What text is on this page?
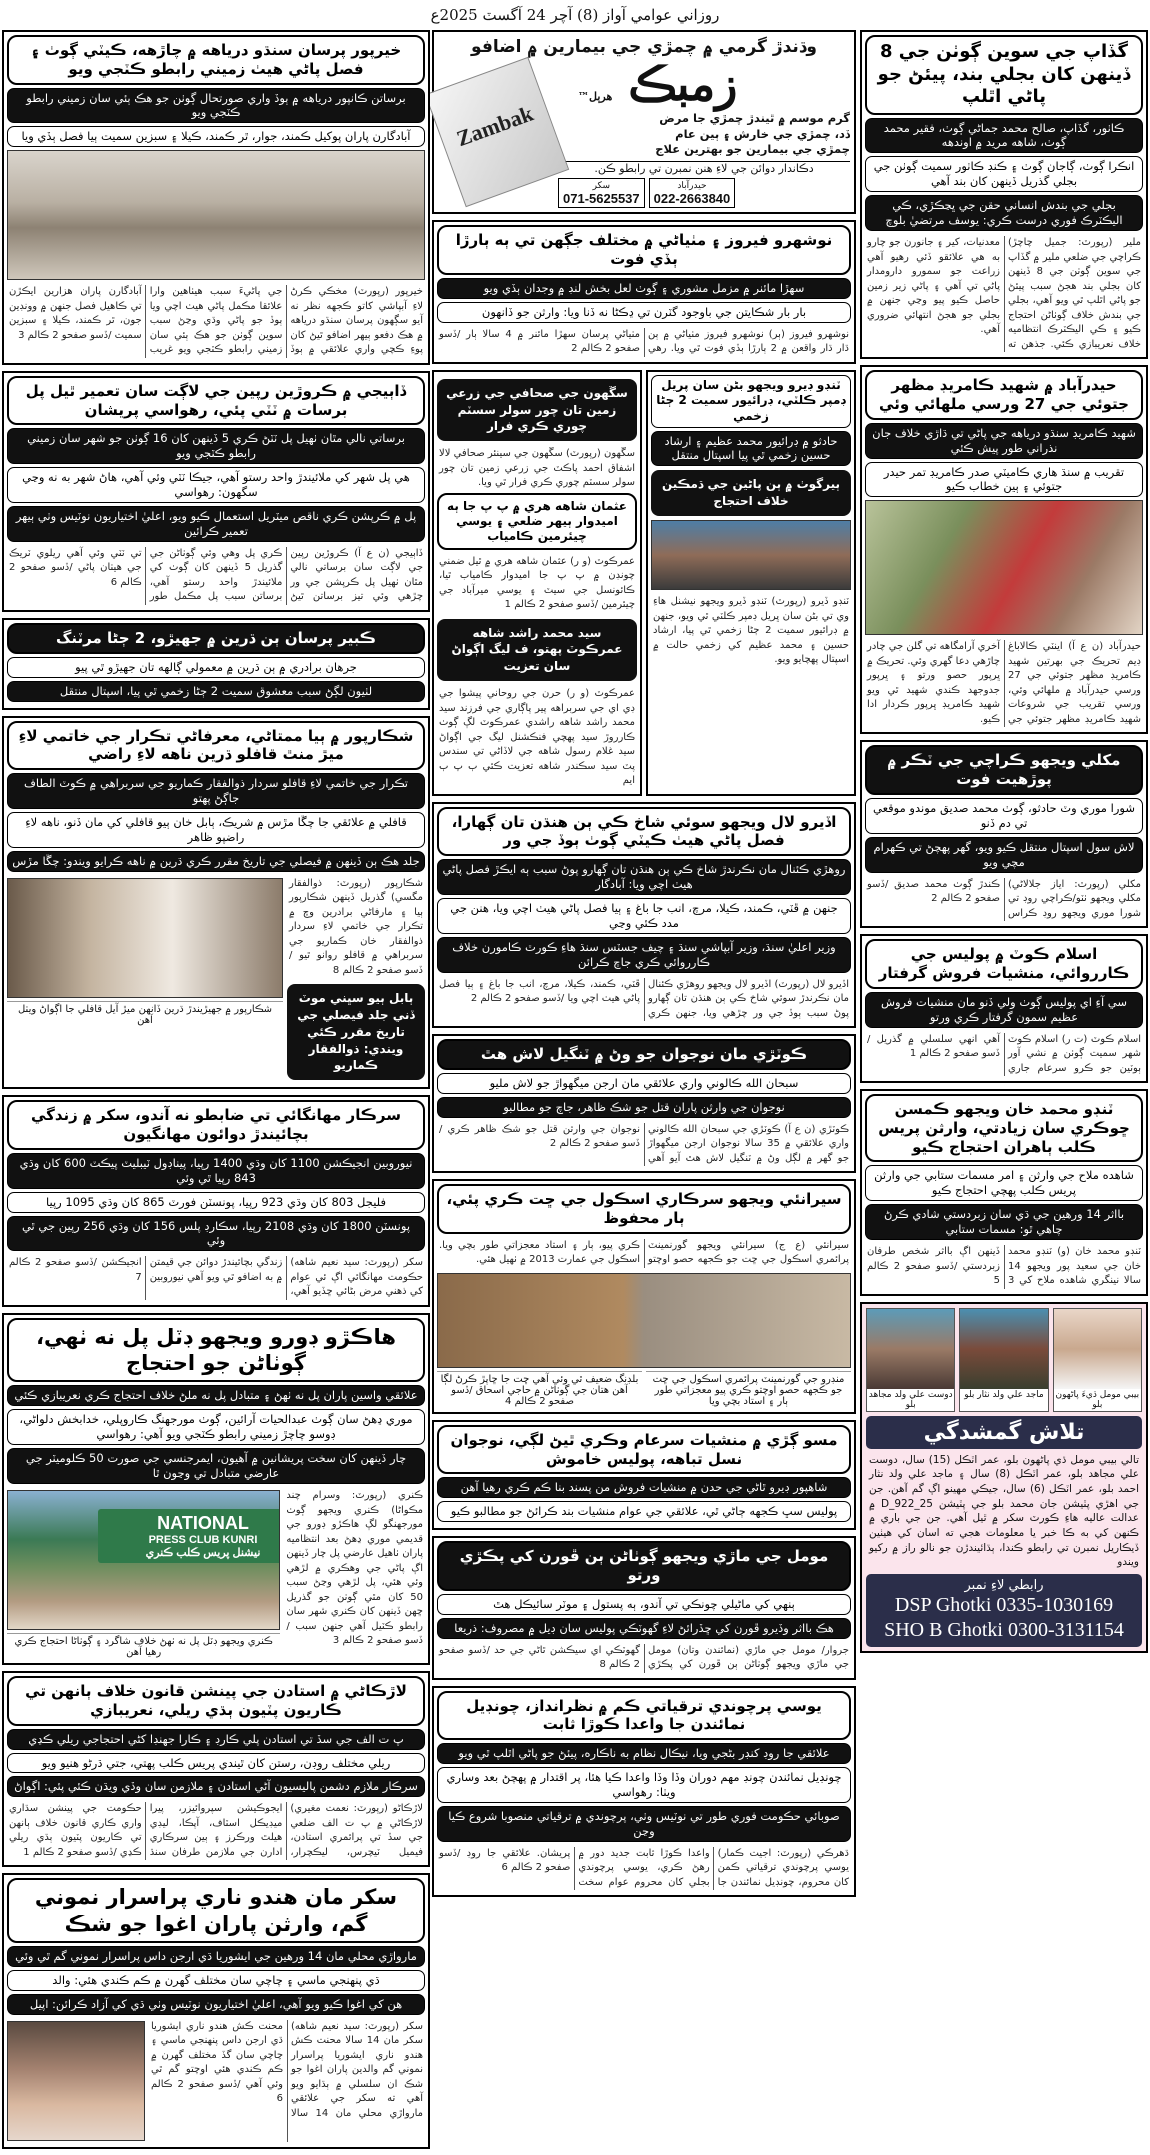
روزاني عوامي آواز (8) آچر 24 آگسٽ 2025ع
گڏاپ جي سوين ڳوٺن جي 8 ڏينهن کان بجلي بند، پيئڻ جو پاڻي اٿلپ
ڪاٺور، گڏاپ، صالح محمد جماڻي ڳوٺ، فقير محمد ڳوٺ، شاهه مريد ۾ اوندهه
انڪرا ڳوٺ، ڳاجان ڳوٺ ۽ ڪنڊ ڪاٺور سميت ڳوٺن جي بجلي گذريل ڏينهن کان بند آهي
بجلي جي بندش انساني حقن جي ڀڃڪڙي، ڪي اليڪٽرڪ فوري درست ڪري: يوسف مرتضيٰ بلوچ
ملير (رپورٽ: جميل چاچڙ) ڪراچي جي ضلعي ملير ۾ گڏاپ جي سوين ڳوٺن جي 8 ڏينهن کان بجلي بند هجڻ سبب پيئڻ جو پاڻي اٿلپ ٿي ويو آهي، بجلي جي بندش خلاف ڳوٺاڻن احتجاج ڪيو ۽ ڪي اليڪٽرڪ انتظاميه خلاف نعريبازي ڪئي. جذهن ته معدنيات، کير ۽ جانورن جو چارو به هي علائقو ڏئي رهيو آهي زراعت جو سمورو دارومدار پاڻي تي آهي ۽ پاڻي زير زمين حاصل ڪيو پيو وڃي جنهن ۾ بجلي جو هجڻ انتهائي ضروري آهي.
حيدرآباد ۾ شهيد ڪامريڊ مظهر جتوئي جي 27 ورسي ملهائي وئي
شهيد ڪامريڊ سنڌو درياهه جي پاڻي تي ڌاڙي خلاف جان نذراني طور پيش ڪئي
تقريب ۾ سنڌ هاري ڪاميٽي صدر ڪامريڊ تمر حيدر جتوئي ۽ ٻين خطاب ڪيو
حيدرآباد (ن ع آ) اينٽي ڪالاباغ ڊيم تحريڪ جي بهرتين شهيد ڪامريڊ مظهر جتوئي جي 27 ورسي حيدرآباد ۾ ملهائي وئي، ورسي تقريب جي شروعات شهيد ڪامريڊ مظهر جتوئي جي آخري آرامگاهه تي گلن جي چادر چاڙهي دعا گهري وئي. تحريڪ ۾ ڀرپور حصو ورتو ۽ ڀرپور جدوجهد ڪندي شهيد ٿي ويو شهيد ڪامريڊ ڀرپور ڪردار ادا ڪيو.
مکلي ويجهو ڪراچي جي ٽڪر ۾ پوڙهيت فوت
شورا موري وٽ حادثو، ڳوٺ محمد صديق موندو موقعي تي دم ڏنو
لاش سول اسپتال منتقل ڪيو ويو، گهر پهچڻ تي ڪهرام مچي ويو
مکلي (رپورٽ: اياز جلالاڻي) مکلي ويجهو ٺٽو/ڪراچي روڊ تي شورا موري ويجهو روڊ ڪراس ڪندڙ ڳوٺ محمد صديق /ڏسو صفحو 2 ڪالم 2
اسلام ڪوٽ ۾ پوليس جي ڪارروائي، منشيات فروش گرفتار
سي آءِ اي پوليس ڳوٺ ولي ڏنو مان منشيات فروش عظيم سمون گرفتار ڪري ورتو
اسلام ڪوٽ (ت ر) اسلام ڪوٽ شهر سميت ڳوٺن ۾ نشي آور ٻوٽين جو ڪرو سرعام جاري آهي انهي سلسلي ۾ گذريل /ڏسو صفحو 2 ڪالم 1
ٽنڊو محمد خان ويجهو ڪمسن ڇوڪري سان زيادتي، وارثن پريس ڪلب ٻاهران احتجاج ڪيو
شاهده ملاح جي وارثن ۽ امر مسمات ستابي جي وارثن پريس ڪلب پهچي احتجاج ڪيو
بااثر 14 ورهين جي ڌي سان زبردستي شادي ڪرڻ چاهي ٿو: مسمات ستابي
ٽنڊو محمد خان (و) ٽنڊو محمد خان جي سعيد پور ويجهو 14 سالا نينگري شاهده ملاح کي 3 ڏينهن اڳ بااثر شخص طرفان زبردستي /ڏسو صفحو 2 ڪالم 5
بيبي مومل ڌيءَ پاڻهون بلو
ماجد علي ولد نثار بلو
دوست علي ولد مجاهد بلو
تلاش گمشدگي
تالي بيبي مومل ڌي پاڻهون بلو، عمر اٽڪل (15) سال، دوست علي مجاهد بلو، عمر اٽڪل (8) سال ۽ ماجد علي ولد نثار احمد بلو، عمر اٽڪل (6) سال، جيڪي مهينو اڳ گم آهن. جن جي اهڙي پٽيشن جان محمد بلو جي پٽيشن 25_922_D ۾ عدالت عاليه هاءِ ڪورٽ سکر ۾ ٿيل آهي. جن جي باري ۾ ڪنهن کي به ڪا خبر يا معلومات هجي ته اسان کي هيٺين ڏيڪاريل نمبرن تي رابطو ڪندا، ٻڌائيندڙن جو نالو راز ۾ رکيو ويندو
رابطي لاءِ نمبر
DSP Ghotki 0335-1030169
SHO B Ghotki 0300-3131154
وڌندڙ گرمي ۾ چمڙي جي بيمارين ۾ اضافو
زمبڪ هرٻل™
Zambak	گرم موسم ۾ ٿيندڙ چمڙي جا مرض
ڏد، چمڙي جي خارش ۽ ٻين عام
چمڙي جي بيمارين جو بهترين علاج
دڪاندار دوائن جي لاءِ هنن نمبرن تي رابطو ڪن.
سکر
071-5625537
حيدرآباد
022-2663840
نوشهرو فيروز ۽ مٺياڻي ۾ مختلف جڳهن تي ٻه ٻارڙا ٻڏي فوت
سهڙا مائنر ۾ مزمل مشوري ۽ ڳوٺ لعل بخش لنڊ ۾ وجدان ٻڏي ويو
بار بار شڪايتن جي باوجود گٽرن تي ڍڪڻا نه ڏنا ويا: وارثن جو ڏانهون
نوشهرو فيروز (ٻر) نوشهرو فيروز مٺياڻي ۾ ٻن ڌار ڌار واقعن ۾ 2 ٻارڙا ٻڏي فوت ٿي ويا. رهي مٺياڻي پرسان سهڙا مائنر ۾ 4 سالا ٻار /ڏسو صفحو 2 ڪالم 2
ٽنڊو ڊيرو ويجهو بڻن سان پريل ڊمپر ڪلٽي، ڊرائيور سميت 2 ڄڻا زخمي
حادثو ۾ ڊرائيور محمد عظيم ۽ ارشاد حسين زخمي ٿي پيا اسپتال منتقل
ٻيرگوٺ ۾ ٻن پاڻين جي ڌمڪين خلاف احتجاج
ٽنڊو ڏيرو (رپورٽ) ٽنڊو ڏيرو ويجهو نيشنل هاءِ وي تي بڻن سان ڀريل ڊمپر ڪلٽي ٿي ويو، جنهن ۾ ڊرائيور سميت 2 ڄڻا زخمي ٿي پيا، ارشاد حسين ۽ محمد عظيم کي زخمي حالت ۾ اسپتال پهچايو ويو.
سڱهون جي صحافي جي زرعي زمين تان چور سولر سسٽم چوري ڪري فرار
سڱهون (رپورٽ) سڱهون جي سينئر صحافي لالا اشفاق احمد پاڪٽ جي زرعي زمين تان چور سولر سسٽم چوري ڪري فرار ٿي ويا.
عثمان شاهه هري ۾ پ پ جا ٻه اميدوار ٻيهر ضلعي ۽ يوسي چيئرمين ڪامياب
عمرڪوٽ (و ر) عثمان شاهه هري ۾ ٿيل ضمني چونڊن ۾ پ پ جا اميدوار ڪامياب ٿيا، ڪائونسل جي سيٽ ۽ يوسي ميرآباد جي چيئرمين /ڏسو صفحو 2 ڪالم 1
سيد محمد راشد شاهه عمرڪوٽ پهتو، ف ليگ اڳواڻ سان تعزيت
عمرڪوٽ (و ر) حرن جي روحاني پيشوا جي ڊي اي جي سربراهه پير پاڳاري جي فرزند سيد محمد راشد شاهه راشدي عمرڪوٽ لڳ ڳوٺ ڪارروڙ سيد پهچي فنڪشنل ليگ جي اڳواڻ سيد غلام رسول شاهه جي لاڏاڻي تي سندس پٽ سيد سڪندر شاهه تعزيت ڪئي ٻ پ ٻ ايم
اڏيرو لال ويجهو سوئي شاخ ڪي ٻن هنڌن تان ڳهارا، فصل پاڻي هيٺ ڪيٽي ڳوٺ ٻوڏ جي ور
روهڙي ڪئنال مان نڪرندڙ شاخ ڪي ٻن هنڌن تان ڳهارو پوڻ سبب ٻه ايڪڙ فصل پاڻي هيٺ اچي ويا: آبادگار
جنهن ۾ ڦٽي، ڪمند، ڪيلا، مرچ، انب جا باغ ۽ ٻيا فصل پاڻي هيٺ اچي ويا، هنن جي مدد ڪئي وڃي
وزير اعليٰ سنڌ، وزير آبپاشي سنڌ ۽ چيف جسٽس سنڌ هاءِ ڪورٽ ڪامورن خلاف ڪارروائي ڪري جاچ ڪرائن
اڏيرو لال (رپورٽ) اڏيرو لال ويجهو روهڙي ڪئنال مان نڪرندڙ سوئي شاخ ڪي ٻن هنڌن تان ڳهارو پوڻ سبب ٻوڏ جي ور چڙهي ويا، جنهن ڪري ڦٽي، ڪمند، ڪيلا، مرچ، انب جا باغ ۽ ٻيا فصل پاڻي هيٺ اچي ويا /ڏسو صفحو 2 ڪالم 2
ڪوٽڙي مان نوجوان جو وڻ ۾ ٽنگيل لاش هٿ
سبحان الله ڪالوني واري علائقي مان ارجن ميگهواڙ جو لاش مليو
نوجوان جي وارثن پاران قتل جو شڪ ظاهر، جاچ جو مطالبو
ڪوٽڙي (ن ع آ) ڪوٽڙي جي سبحان الله ڪالوني واري علائقي ۾ 35 سالا نوجوان ارجن ميگهواڙ جو گهر ۾ لڳل وڻ ۾ ٽنگيل لاش هٿ آيو آهي نوجوان جي وارثن قتل جو شڪ ظاهر ڪري /ڏسو صفحو 2 ڪالم 2
سيرانئي ويجهو سرڪاري اسڪول جي ڇت ڪري پئي، ٻار محفوظ
سيرانئي (ع ج) سيرانئي ويجهو گورنمينٽ پرائمري اسڪول جي ڇت جو ڪجهه حصو اوچتو ڪري پيو، ٻار ۽ استاد معجزاتي طور بچي ويا. اسڪول جي عمارت 2013 ۾ ٺهيل هئي.
منڊرو جي گورنمينٽ پرائمري اسڪول جي ڇت جو ڪجهه حصو اوچتو ڪري پيو معجزاتي طور ٻار ۽ استاد بچي ويا
بلڊنگ ضعيف ٿي وئي آهي ڇت جا ڇاپڙ ڪرڻ لڳا آهن هتان جي ڳوٺاڻن ۾ حاجي اسحاق /ڏسو صفحو 2 ڪالم 4
مسو ڳڙي ۾ منشيات سرعام وڪري ٿيڻ لڳي، نوجوان نسل تباهه، پوليس خاموش
شاهپور ڊيرو ٿاڻي جي حدن ۾ منشيات فروش من پسند بنا ڪم ڪري رهيا آهن
پوليس سڀ ڪجهه ڄاڻي ٿي، علائقي جي عوام منشيات بند ڪرائڻ جو مطالبو ڪيو
مومل جي ماڙي ويجهو ڳوٺاڻن ٻن ڦورن کي پڪڙي ورتو
ٻنهي کي ماڻيلي چونڪي تي آندو، ٻه پستول ۽ موٽر سائيڪل هٿ
هڪ بااثر وڏيرو ڦورن کي ڇڏرائڻ لاءِ گهوٽڪي پوليس سان ڊيل ۾ مصروف: ذريعا
جروار/ مومل جي ماڙي (نمائندن وتان) مومل جي ماڙي ويجهو ڳوٺاڻن ٻن ڦورن کي پڪڙي گهوٽڪي اي سيڪشن ٿاڻي جي حد /ڏسو صفحو 2 ڪالم 8
يوسي پرچوندي ترقياتي ڪم ۾ نظرانداز، چونڊيل نمائندن جا واعدا ڪوڙا ثابت
علائقي جا روڊ کنڊر بڻجي ويا، نيڪال نظام به ناڪاره، پيئڻ جو پاڻي اٿلپ ٿي ويو
چونڊيل نمائندن چونڊ مهم دوران وڏا وڏا واعدا ڪيا هئا، پر اقتدار ۾ پهچڻ بعد وساري ويٺا: رهواسي
صوبائي حڪومت فوري طور تي نوٽيس وٺي، پرچوندي ۾ ترقياتي منصوبا شروع ڪيا وڃن
ڌهرڪي (رپورٽ: اجيت ڪمار) يوسي پرچوندي ترقياتي ڪمن کان محروم، چونڊيل نمائندن جا واعدا ڪوڙا ثابت جديد دور ۾ رهڻ ڪري، يوسي پرچوندي بجلي کان محروم عوام سخت پريشان. علائقي جا روڊ /ڏسو صفحو 2 ڪالم 6
خيرپور پرسان سنڌو درياهه ۾ چاڙهه، ڪيٽي ڳوٺ ۽ فصل پاڻي هيٺ زميني رابطو ڪٽجي ويو
برساتن ڪانپور درياهه ۾ ٻوڏ واري صورتحال ڳوٺن جو هڪ ٻئي سان زميني رابطو ڪٽجي ويو
آبادگارن پاران پوکيل ڪمند، جوار، ٿر ڪمند، ڪيلا ۽ سبزين سميت ٻيا فصل ٻڏي ويا
خيرپور (رپورٽ) مخڪي ڪرڻ لاءِ آبپاشي کاتو ڪجهه نظر نه آيو سڳهون پرسان سنڌو درياهه ۾ هڪ دفعو ٻيهر اضافو ٿيڻ کان پوءِ ڪچي واري علائقي ۾ ٻوڏ جي پاڻيءَ سبب هيٺاهين وارا علائقا مڪمل پاڻي هيٺ اچي ويا ٻوڏ جو پاڻي وڌي وڃڻ سبب سوين ڳوٺن جو هڪ ٻئي سان زميني رابطو ڪٽجي ويو غريب آبادگارن پاران هزارين ايڪڙن تي ڪاهيل فصل جنهن ۾ وونڊين جون، ٿر ڪمند، ڪيلا ۽ سبزين سميت /ڏسو صفحو 2 ڪالم 3
ڏاٻيجي ۾ ڪروڙين رپين جي لاڳت سان تعمير ٿيل پل برسات ۾ ٽٽي پئي، رهواسي پريشان
برساتي نالي مٿان ٺهيل پل ٽٽڻ ڪري 5 ڏينهن کان 16 ڳوٺن جو شهر سان زميني رابطو ڪٽجي ويو
هي پل شهر کي ملائيندڙ واحد رستو آهي، جيڪا ٽٽي وئي آهي، هاڻ شهر به نه وڃي سگهون: رهواسي
پل ۾ ڪرپشن ڪري ناقص ميٽريل استعمال ڪيو ويو، اعليٰ اختياريون نوٽيس وٺي ٻيهر تعمير ڪرائين
ڏاٻيجي (ن ع آ) ڪروڙين رپين جي لاڳت سان برساتي نالي مٿان ٺهيل پل ڪرپشن جي ور چڙهي وئي تيز برساتن ٿيڻ ڪري پل وهي وئي ڳوٺاڻن جي گذريل 5 ڏينهن کان ڳوٺ کي ملائيندڙ واحد رستو آهي، برساتن سبب پل مڪمل طور تي ٽٽي وئي آهي ريلوي ٽريڪ جي هيٺان پاڻي /ڏسو صفحو 2 ڪالم 6
ڪبير پرسان ٻن ڌرين ۾ جهيڙو، 2 ڄڻا مرٽنگ
جرهان برادري ۾ ٻن ڌرين ۾ معمولي ڳالهه تان جهيڙو ٿي پيو
لٺيون لڳڻ سبب معشوق سميت 2 ڄڻا زخمي ٿي پيا، اسپتال منتقل
شڪارپور ۾ ٻيا ممتاڻي، معرفاڻي تڪرار جي خاتمي لاءِ ميڙ منٿ قافلو ڌرين ناهه لاءِ راضي
تڪرار جي خاتمي لاءِ قافلو سردار ذوالفقار ڪماريو جي سربراهي ۾ ڪوٽ الطاف جاڳڻ پهتو
قافلي ۾ علائقي جا چڱا مڙس ۾ شريڪ، ٻابل خان ٻيو قافلي کي مان ڏنو، ناهه لاءِ راضپو ظاهر
جلد هڪ ٻن ڏينهن ۾ فيصلي جي تاريخ مقرر ڪري ڌرين ۾ ناهه ڪرايو ويندو: چڱا مڙس
شڪارپور (رپورٽ: ذوالفقار مگسي) گذريل ڏينهن شڪارپور ٻيا ۽ مارفاڻي برادرين وچ ۾ تڪرار جي خاتمي لاءِ سردار ذوالفقار خان ڪماريو جي سربراهي ۾ قافلو روانو ٿيو /ڏسو صفحو 2 ڪالم 8
ٻابل ٻيو سڀني موٽ ڏني جلد فيصلي جي تاريخ مقرر ڪئي ويندي: ذوالفقار ڪماريو
شڪارپور ۾ جهيڙيندڙ ڌرين ڏانهن ميڙ آيل قافلي جا اڳواڻ ويٺل آهن
سرڪار مهانگائي تي ضابطو نه آندو، سکر ۾ زندگي بچائيندڙ دوائون مهانگيون
نيوروبين انجيڪشن 1100 کان وڌي 1400 رپيا، پيناڊول ٽيبليٽ پيڪٽ 600 کان وڌي 843 رپيا ٿي وئي
فليجل 803 کان وڌي 923 رپيا، پونسٽن فورٽ 865 کان وڌي 1095 رپيا
پونسٽن 1800 کان وڌي 2108 رپيا، سڪارڊ پلس 156 کان وڌي 256 رپين جي ٿي وئي
سکر (رپورٽ: سيد نعيم شاهه) حڪومت مهانگائي اڳ ئي عوام کي ذهني مرض بڻائي ڇڏيو آهي، زندگي بچائيندڙ دوائن جي قيمتن ۾ به اضافو ٿي ويو آهي نيوروبين انجيڪشن /ڏسو صفحو 2 ڪالم 7
هاڪڙو ڊورو ويجهو ڊٽل پل نه ٺهي، ڳوٺاڻن جو احتجاج
علائقي واسين پاران پل نه ٺهڻ ۽ متبادل پل نه ملڻ خلاف احتجاج ڪري نعريبازي ڪئي
موري ڍهڻ سان ڳوٺ عبدالحيات آرائين، ڳوٺ مورجهنگ ڪاروپلي، خدابخش دلواڻي، ڊوسو چاچڙ زميني رابطو ڪٽجي ويو آهي: رهواسي
چار ڏينهن کان سخت پريشانين ۾ آهيون، ايمرجنسي جي صورت 50 ڪلوميٽر جي عارضي متبادل تي وڃون ٿا
ڪنري (رپورٽ: وسرام چند مڪواڻا) ڪنري ويجهو ڳوٺ مورجهنگو لڳ هاڪڙو ڊورو جي قديمي موري ڍهڻ بعد انتظاميه پاران ٺاهيل عارضي پل چار ڏينهن اڳ پاڻي جي وهڪري ۾ لڙهي وئي هئي، پل لڙهي وڃڻ سبب 50 کان مٿي ڳوٺن جو گذريل ڇهن ڏينهن کان ڪنري شهر سان رابطو ڪٽيل آهي جنهن سبب /ڏسو صفحو 2 ڪالم 3
NATIONAL
PRESS CLUB KUNRI
نيشنل پريس ڪلب ڪنري
ڪنري ويجهو ڊٽل پل نه ٺهڻ خلاف شاگرد ۽ ڳوٺاڻا احتجاج ڪري رهيا آهن
لاڙڪاڻي ۾ استادن جي پينشن قانون خلاف ٻانهن تي ڪاريون پٽيون ٻڌي ريلي، نعريبازي
پ ت الف جي سڏ تي استادن پلي ڪارڊ ۽ ڪارا جهنڊا کڻي احتجاجي ريلي ڪڍي
ريلي مختلف روڊن، رستن کان ٿيندي پريس ڪلب پهتي، جتي ڌرڻو هنيو ويو
سرڪار ملازم دشمن پاليسيون آڻي استادن ۽ ملازمن سان وڏي ويڌن ڪئي پئي: اڳواڻ
لاڙڪاڻو (رپورٽ: نعمت مغيري) لاڙڪاڻي ۾ پ ت الف ضلعي جي سڏ تي پرائمري استادن، فيميل ٽيچرس، ليڪچرار، ايجوڪيشن سپروائيزر، پيرا ميڊيڪل اسٽاف، آپڪا، ليڊي هيلٿ ورڪرز ۽ ٻين سرڪاري ادارن جي ملازمن طرفان سنڌ حڪومت جي پينشن سڌاري واري ڪاري قانون خلاف ٻانهن تي ڪاريون پٽيون ٻڌي ريلي ڪڍي /ڏسو صفحو 2 ڪالم 1
سکر مان هندو ناري پراسرار نموني گم، وارثن پاران اغوا جو شڪ
مارواڙي محلي مان 14 ورهين جي ايشوريا ڌي ارجن داس پراسرار نموني گم ٿي وئي
ڌي پنهنجي ماسي ۽ چاچي سان مختلف گهرن ۾ ڪم ڪندي هئي: والد
هن کي اغوا ڪيو ويو آهي، اعليٰ اختياريون نوٽيس وٺي ڌي کي آزاد ڪرائن: اپيل
سکر (رپورٽ: سيد نعيم شاهه) سکر مان 14 سالا محنت ڪش هندو ناري ايشوريا پراسرار نموني گم والدين پاران اغوا جو شڪ ان سلسلي ۾ ٻڌايو ويو آهي ته سکر جي علائقي مارواڙي محلي مان 14 سالا محنت ڪش هندو ناري ايشوريا ڌي ارجن داس پنهنجي ماسي ۽ چاچي سان گڏ مختلف گهرن ۾ ڪم ڪندي هئي اوچتو گم ٿي وئي آهي /ڏسو صفحو 2 ڪالم 6
